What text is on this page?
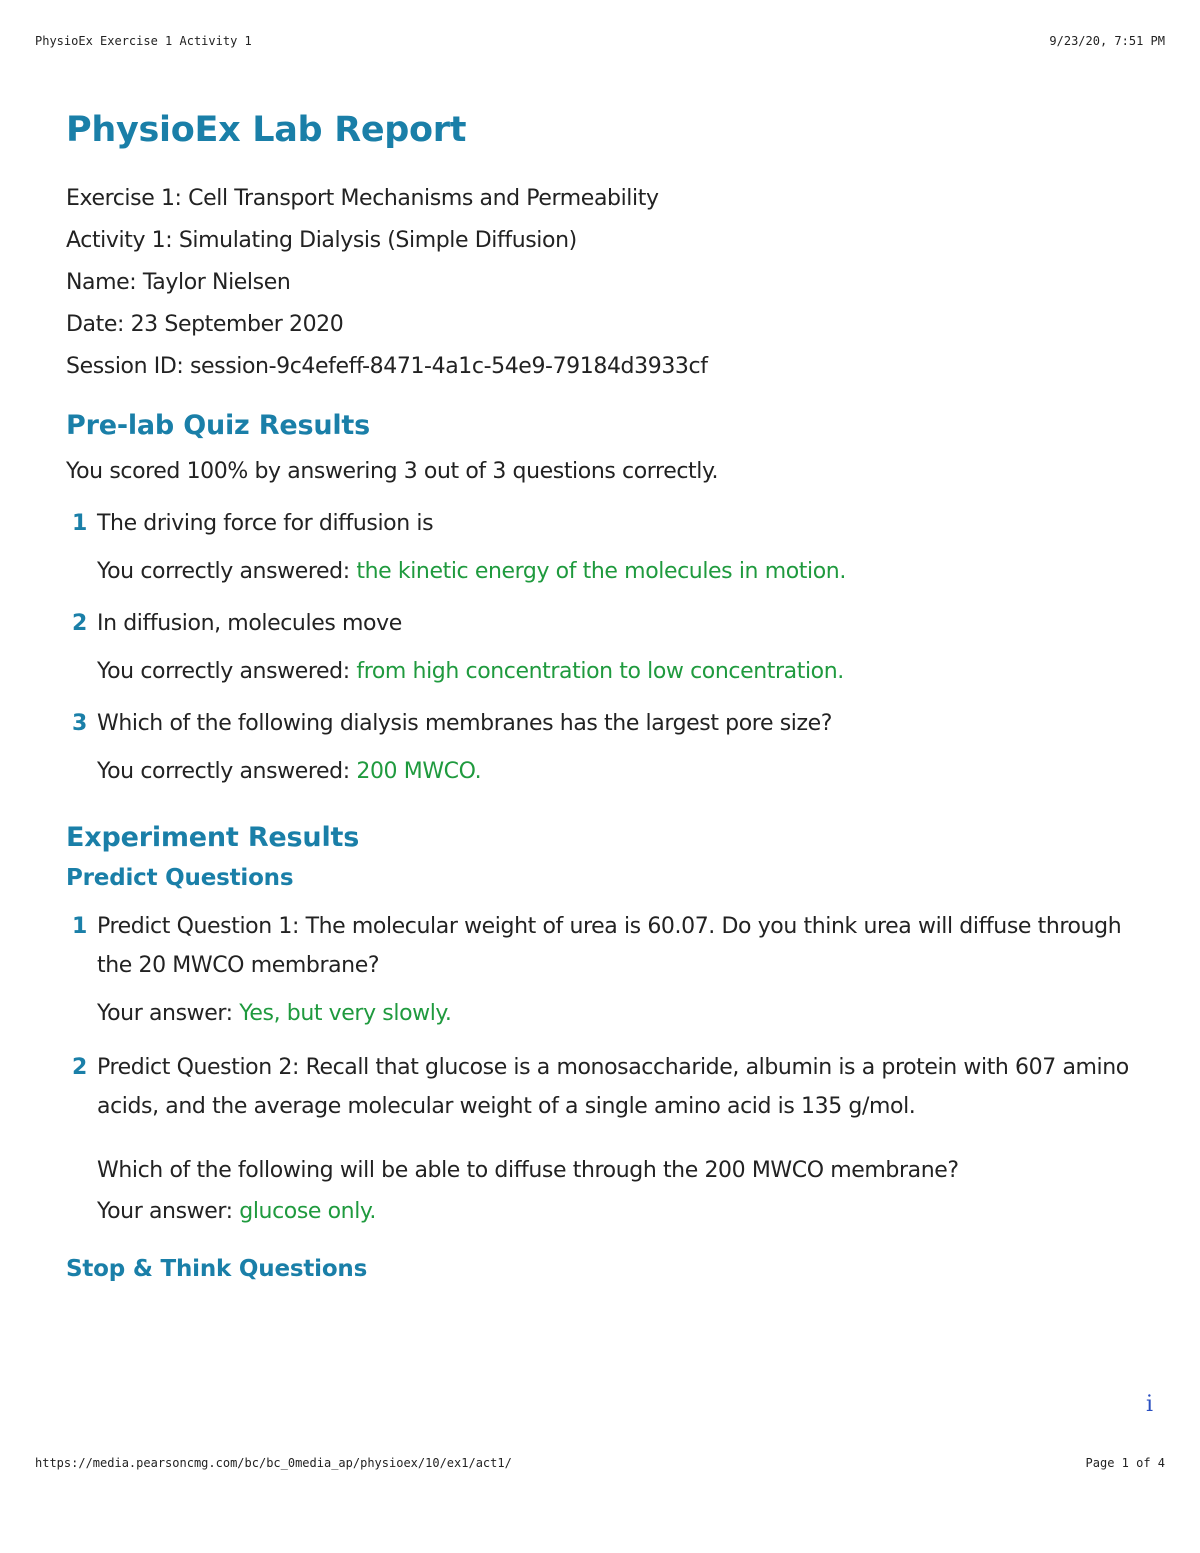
PhysioEx Exercise 1 Activity 1	9/23/20, 7:51 PM
PhysioEx Lab Report

Exercise 1: Cell Transport Mechanisms and Permeability

Activity 1: Simulating Dialysis (Simple Diffusion)

Name: Taylor Nielsen

Date: 23 September 2020

Session ID: session-9c4efeff-8471-4a1c-54e9-79184d3933cf

Pre-lab Quiz Results

You scored 100% by answering 3 out of 3 questions correctly.

1 The driving force for diffusion is
You correctly answered: the kinetic energy of the molecules in motion.
2 In diffusion, molecules move
You correctly answered: from high concentration to low concentration.
3 Which of the following dialysis membranes has the largest pore size?
You correctly answered: 200 MWCO.
Experiment Results
Predict Questions
1 Predict Question 1: The molecular weight of urea is 60.07. Do you think urea will diffuse through the 20 MWCO membrane?
Your answer: Yes, but very slowly.
2 Predict Question 2: Recall that glucose is a monosaccharide, albumin is a protein with 607 amino acids, and the average molecular weight of a single amino acid is 135 g/mol.
Which of the following will be able to diffuse through the 200 MWCO membrane?
Your answer: glucose only.
Stop & Think Questions
i
https://media.pearsoncmg.com/bc/bc_0media_ap/physioex/10/ex1/act1/	Page 1 of 4
